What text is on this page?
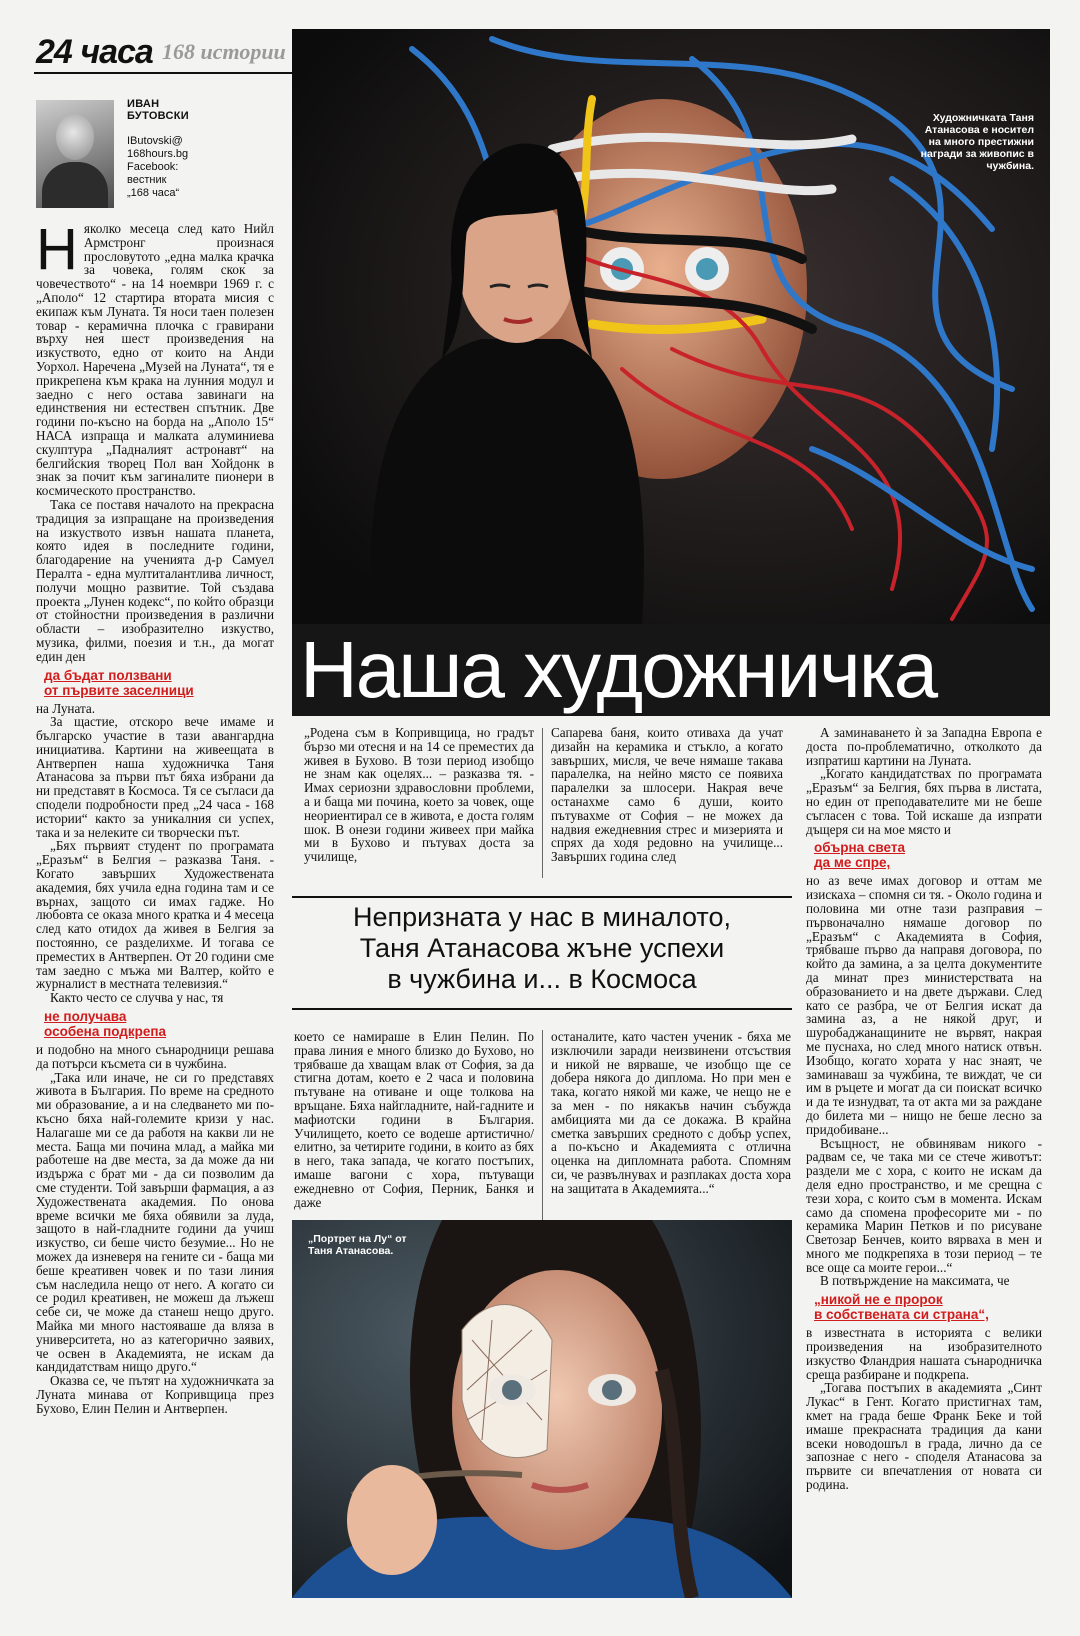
24 часа 168 истории
ИВАН
БУТОВСКИ
IButovski@
168hours.bg
Facebook:
вестник
„168 часа“

Няколко месеца след като Нийл Армстронг произнася прословутото „една малка крачка за човека, голям скок за човечеството“ - на 14 ноември 1969 г. с „Аполо“ 12 стартира втората мисия с екипаж към Луната. Тя носи таен полезен товар - керамична плочка с гравирани върху нея шест произведения на изкуството, едно от които на Анди Уорхол. Наречена „Музей на Луната“, тя е прикрепена към крака на лунния модул и заедно с него остава завинаги на единствения ни естествен спътник. Две години по-късно на борда на „Аполо 15“ НАСА изпраща и малката алуминиева скулптура „Падналият астронавт“ на белгийския творец Пол ван Хойдонк в знак за почит към загиналите пионери в космическото пространство.

Така се поставя началото на прекрасна традиция за изпращане на произведения на изкуството извън нашата планета, която идея в последните години, благодарение на ученията д-р Самуел Пералта - една мултиталантлива личност, получи мощно развитие. Той създава проекта „Лунен кодекс“, по който образци от стойностни произведения в различни области – изобразително изкуство, музика, филми, поезия и т.н., да могат един ден

да бъдат ползвани
от първите заселници

на Луната.

За щастие, отскоро вече имаме и българско участие в тази авангардна инициатива. Картини на живеещата в Антверпен наша художничка Таня Атанасова за първи път бяха избрани да ни представят в Космоса. Тя се съгласи да сподели подробности пред „24 часа - 168 истории“ както за уникалния си успех, така и за нелеките си творчески път.

„Бях първият студент по програмата „Еразъм“ в Белгия – разказва Таня. - Когато завърших Художествената академия, бях учила една година там и се върнах, защото си имах гадже. Но любовта се оказа много кратка и 4 месеца след като отидох да живея в Белгия за постоянно, се разделихме. И тогава се преместих в Антверпен. От 20 години сме там заедно с мъжа ми Валтер, който е журналист в местната телевизия.“

Както често се случва у нас, тя

не получава
особена подкрепа

и подобно на много сънародници решава да потърси късмета си в чужбина.

„Така или иначе, не си го представях живота в България. По време на средното ми образование, а и на следването ми по-късно бяха най-големите кризи у нас. Налагаше ми се да работя на какви ли не места. Баща ми почина млад, а майка ми работеше на две места, за да може да ни издържа с брат ми - да си позволим да сме студенти. Той завърши фармация, а аз Художествената академия. По онова време всички ме бяха обявили за луда, защото в най-гладните години да учиш изкуство, си беше чисто безумие... Но не можех да изневеря на гените си - баща ми беше креативен човек и по тази линия съм наследила нещо от него. А когато си се родил креативен, не можеш да лъжеш себе си, че може да станеш нещо друго. Майка ми много настояваше да вляза в университета, но аз категорично заявих, че освен в Академията, не искам да кандидатствам нищо друго.“

Оказва се, че пътят на художничката за Луната минава от Копривщица през Бухово, Елин Пелин и Антверпен.

Художничката Таня Атанасова е носител на много престижни награди за живопис в чужбина.
Наша художничка

„Родена съм в Копривщица, но градът бързо ми отесня и на 14 се преместих да живея в Бухово. В този период изобщо не знам как оцелях... – разказва тя. - Имах сериозни здравословни проблеми, а и баща ми почина, което за човек, още неориентирал се в живота, е доста голям шок. В онези години живеех при майка ми в Бухово и пътувах доста за училище,

Сапарева баня, които отиваха да учат дизайн на керамика и стъкло, а когато завърших, мисля, че вече нямаше такава паралелка, на нейно място се появиха паралелки за шлосери. Накрая вече останахме само 6 души, които пътувахме от София – не можех да надвия ежедневния стрес и мизерията и спрях да ходя редовно на училище... Завърших година след

Непризната у нас в миналото,
Таня Атанасова жъне успехи
в чужбина и... в Космоса

което се намираше в Елин Пелин. По права линия е много близко до Бухово, но трябваше да хващам влак от София, за да стигна дотам, което е 2 часа и половина пътуване на отиване и още толкова на връщане. Бяха найгладните, най-гадните и мафиотски години в България. Училището, което се водеше артистично/елитно, за четирите години, в които аз бях в него, така запада, че когато постъпих, имаше вагони с хора, пътуващи ежедневно от София, Перник, Банкя и даже

останалите, като частен ученик - бяха ме изключили заради неизвинени отсъствия и никой не вярваше, че изобщо ще се добера някога до диплома. Но при мен е така, когато някой ми каже, че нещо не е за мен - по някакъв начин събужда амбицията ми да се докажа. В крайна сметка завърших средното с добър успех, а по-късно и Академията с отлична оценка на дипломната работа. Спомням си, че развълнувах и разплаках доста хора на защитата в Академията...“

„Портрет на Лу“ от
Таня Атанасова.

А заминаването ѝ за Западна Европа е доста по-проблематично, отколкото да изпратиш картини на Луната.

„Когато кандидатствах по програмата „Еразъм“ за Белгия, бях първа в листата, но един от преподавателите ми не беше съгласен с това. Той искаше да изпрати дъщеря си на мое място и

обърна света
да ме спре,

но аз вече имах договор и оттам ме изискаха – спомня си тя. - Около година и половина ми отне тази разправия – първоначално нямаше договор по „Еразъм“ с Академията в София, трябваше първо да направя договора, по който да замина, а за целта документите да минат през министерствата на образованието и на двете държави. След като се разбра, че от Белгия искат да замина аз, а не някой друг, и шуробаджанащините не вървят, накрая ме пуснаха, но след много натиск отвън. Изобщо, когато хората у нас знаят, че заминаваш за чужбина, те виждат, че си им в ръцете и могат да си поискат всичко и да те изнудват, та от акта ми за раждане до билета ми – нищо не беше лесно за придобиване...

Всъщност, не обвинявам никого - радвам се, че така ми се стече животът: раздели ме с хора, с които не искам да деля едно пространство, и ме срещна с тези хора, с които съм в момента. Искам само да спомена професорите ми - по керамика Марин Петков и по рисуване Светозар Бенчев, които вярваха в мен и много ме подкрепяха в този период – те все още са моите герои...“

В потвърждение на максимата, че

„никой не е пророк
в собствената си страна“,

в известната в историята с велики произведения на изобразителното изкуство Фландрия нашата сънародничка среща разбиране и подкрепа.

„Тогава постъпих в академията „Синт Лукас“ в Гент. Когато пристигнах там, кмет на града беше Франк Беке и той имаше прекрасната традиция да кани всеки новодошъл в града, лично да се запознае с него - споделя Атанасова за първите си впечатления от новата си родина.
